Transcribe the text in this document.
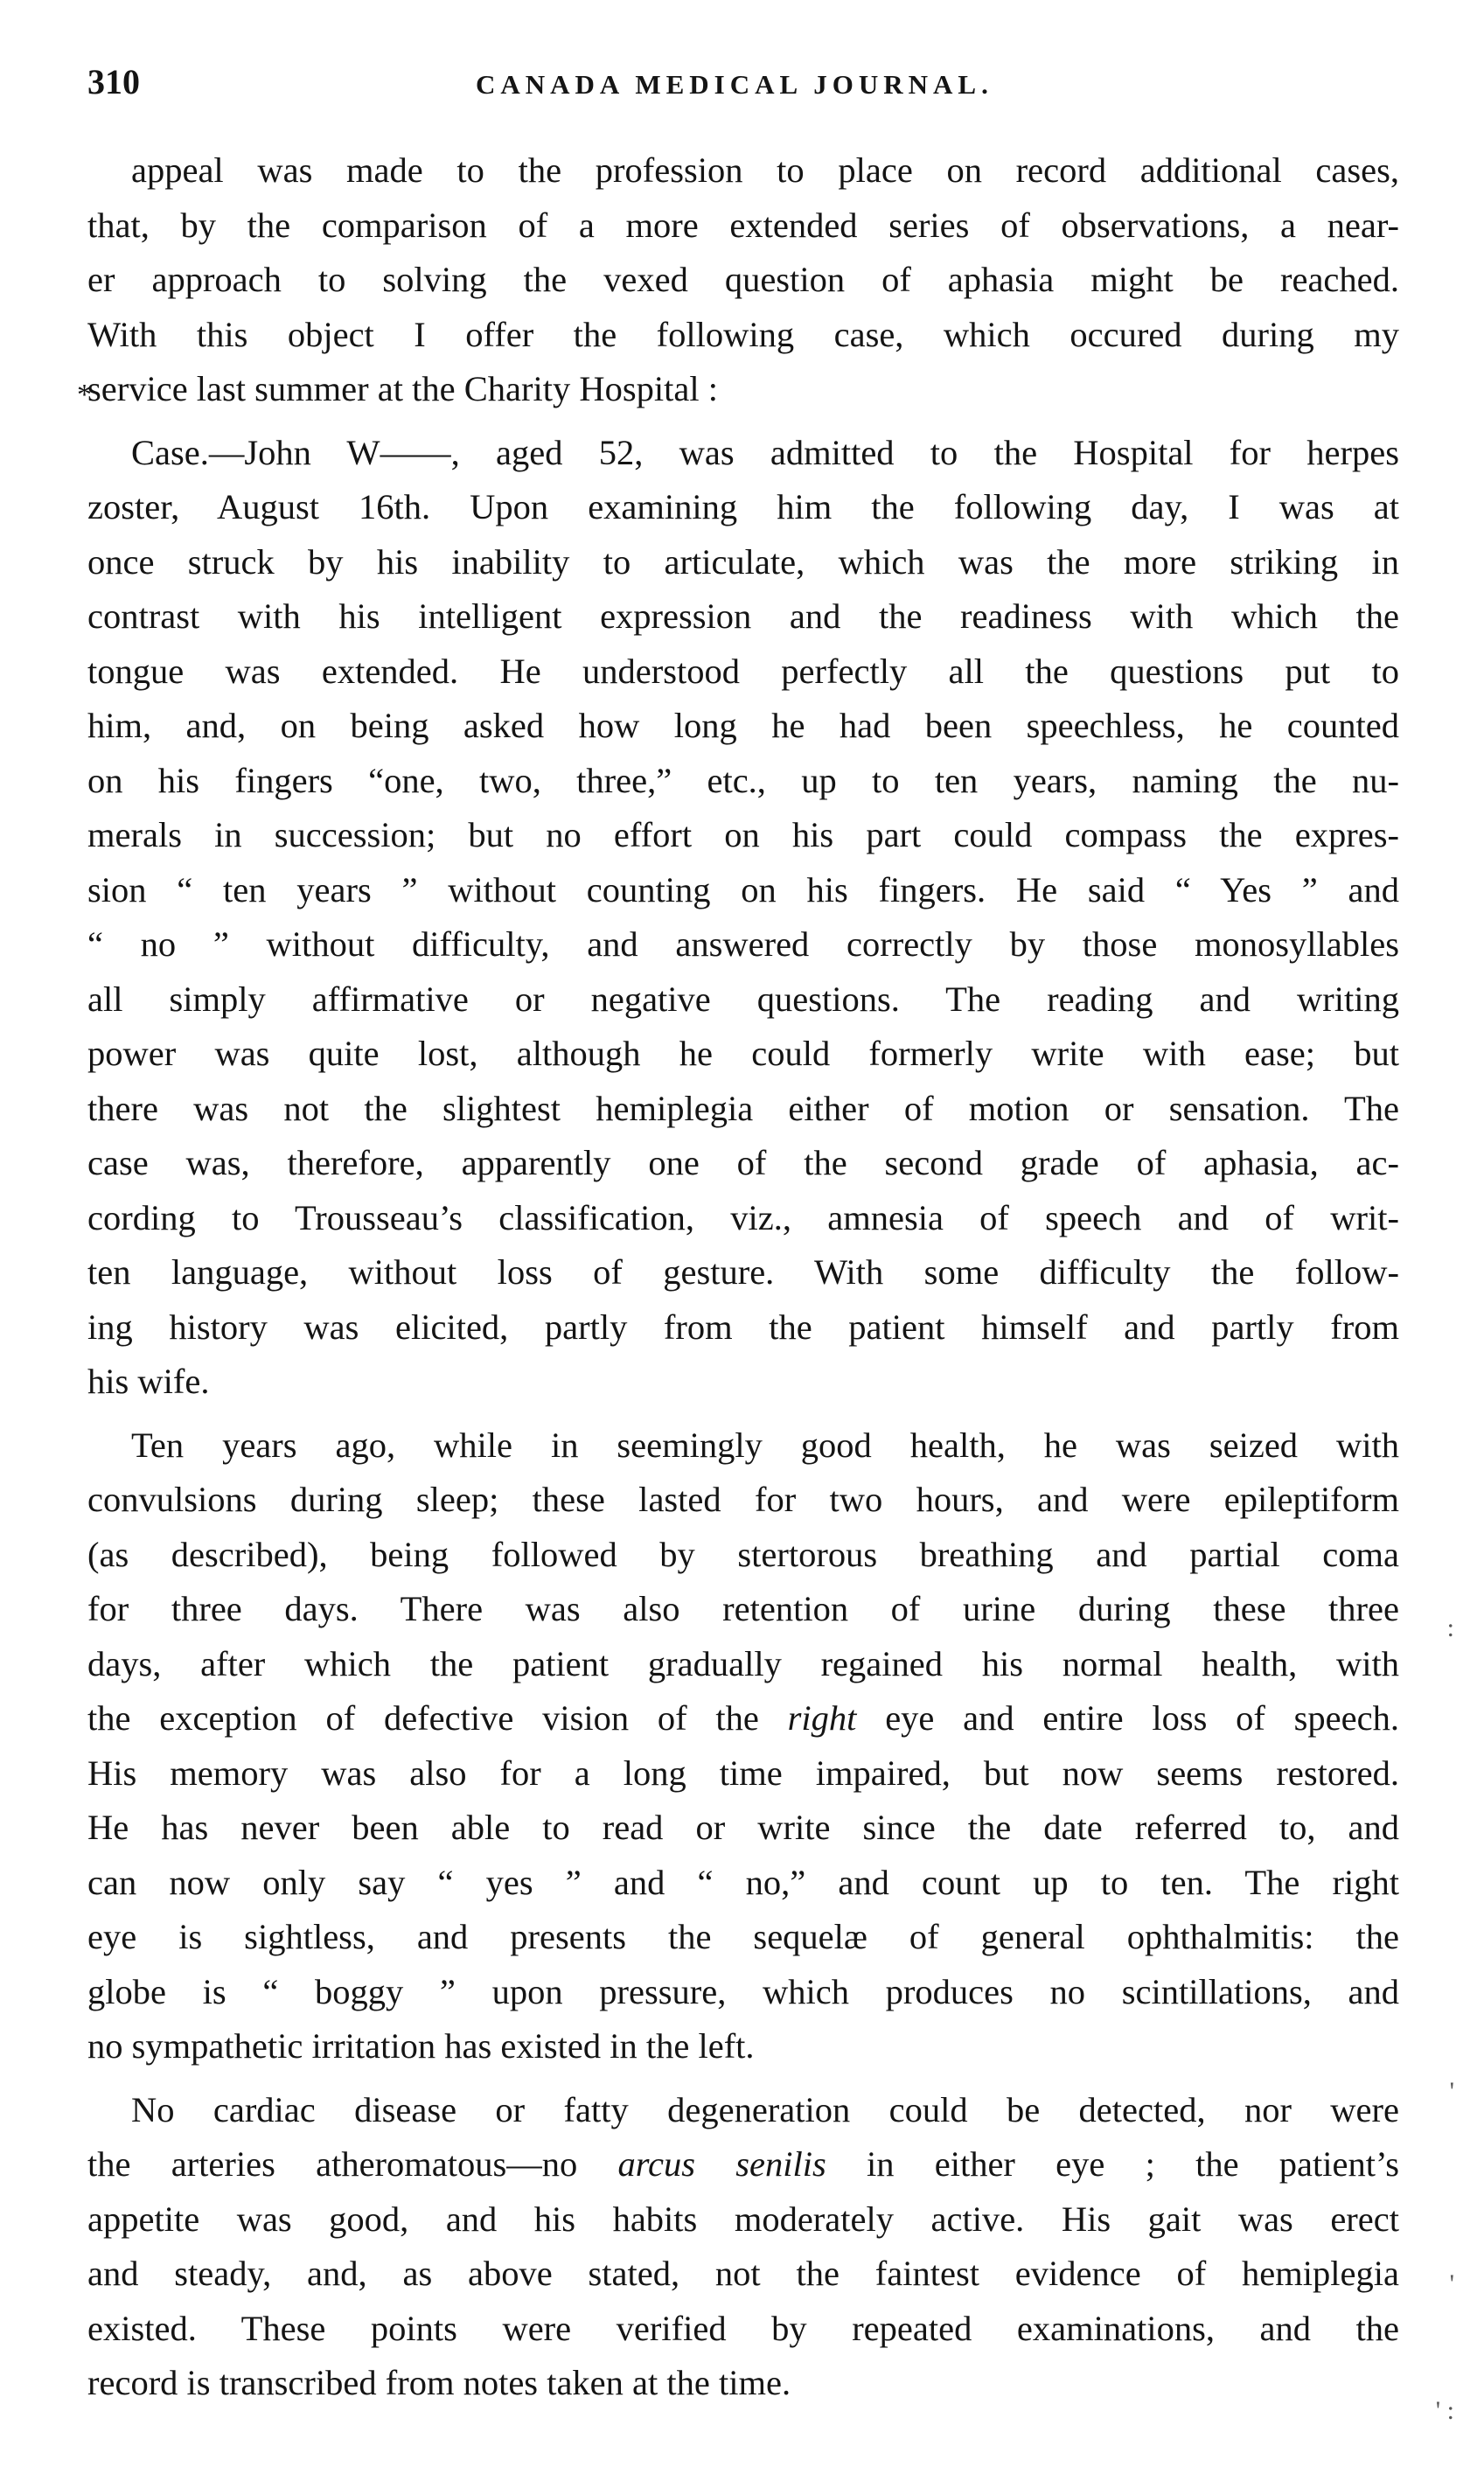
310	CANADA MEDICAL JOURNAL.
appeal was made to the profession to place on record additional cases,
that, by the comparison of a more extended series of observations, a near-
er approach to solving the vexed question of aphasia might be reached.
With this object I offer the following case, which occured during my
service last summer at the Charity Hospital :
Case.—John W——, aged 52, was admitted to the Hospital for herpes
zoster, August 16th. Upon examining him the following day, I was at
once struck by his inability to articulate, which was the more striking in
contrast with his intelligent expression and the readiness with which the
tongue was extended. He understood perfectly all the questions put to
him, and, on being asked how long he had been speechless, he counted
on his fingers “one, two, three,” etc., up to ten years, naming the nu-
merals in succession; but no effort on his part could compass the expres-
sion “ ten years ” without counting on his fingers. He said “ Yes ” and
“ no ” without difficulty, and answered correctly by those monosyllables
all simply affirmative or negative questions. The reading and writing
power was quite lost, although he could formerly write with ease; but
there was not the slightest hemiplegia either of motion or sensation. The
case was, therefore, apparently one of the second grade of aphasia, ac-
cording to Trousseau’s classification, viz., amnesia of speech and of writ-
ten language, without loss of gesture. With some difficulty the follow-
ing history was elicited, partly from the patient himself and partly from
his wife.
Ten years ago, while in seemingly good health, he was seized with
convulsions during sleep; these lasted for two hours, and were epileptiform
(as described), being followed by stertorous breathing and partial coma
for three days. There was also retention of urine during these three
days, after which the patient gradually regained his normal health, with
the exception of defective vision of the right eye and entire loss of speech.
His memory was also for a long time impaired, but now seems restored.
He has never been able to read or write since the date referred to, and
can now only say “ yes ” and “ no,” and count up to ten. The right
eye is sightless, and presents the sequelæ of general ophthalmitis: the
globe is “ boggy ” upon pressure, which produces no scintillations, and
no sympathetic irritation has existed in the left.
No cardiac disease or fatty degeneration could be detected, nor were
the arteries atheromatous—no arcus senilis in either eye ; the patient’s
appetite was good, and his habits moderately active. His gait was erect
and steady, and, as above stated, not the faintest evidence of hemiplegia
existed. These points were verified by repeated examinations, and the
record is transcribed from notes taken at the time.
*
:
'
'
' :
